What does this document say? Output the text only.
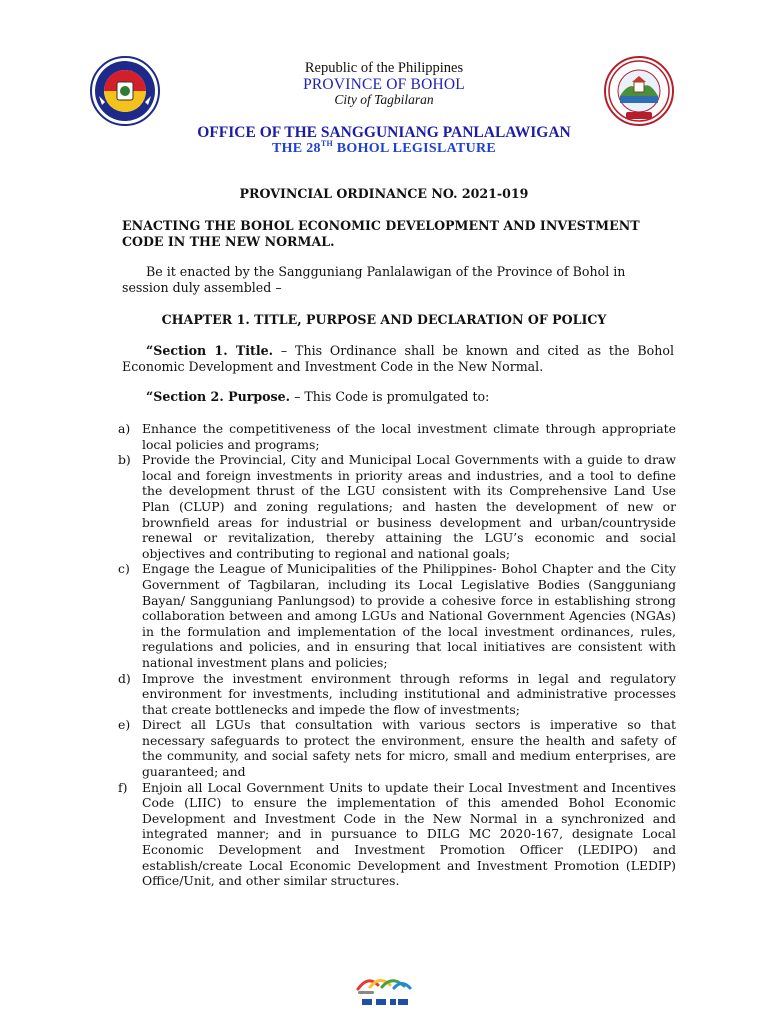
Republic of the Philippines
PROVINCE OF BOHOL
City of Tagbilaran
OFFICE OF THE SANGGUNIANG PANLALAWIGAN
THE 28TH BOHOL LEGISLATURE
PROVINCIAL ORDINANCE NO. 2021-019
ENACTING THE BOHOL ECONOMIC DEVELOPMENT AND INVESTMENT CODE IN THE NEW NORMAL.
Be it enacted by the Sangguniang Panlalawigan of the Province of Bohol in session duly assembled –
CHAPTER 1. TITLE, PURPOSE AND DECLARATION OF POLICY
“Section 1. Title. – This Ordinance shall be known and cited as the Bohol Economic Development and Investment Code in the New Normal.
“Section 2. Purpose. – This Code is promulgated to:
a) Enhance the competitiveness of the local investment climate through appropriate local policies and programs;
b) Provide the Provincial, City and Municipal Local Governments with a guide to draw local and foreign investments in priority areas and industries, and a tool to define the development thrust of the LGU consistent with its Comprehensive Land Use Plan (CLUP) and zoning regulations; and hasten the development of new or brownfield areas for industrial or business development and urban/countryside renewal or revitalization, thereby attaining the LGU’s economic and social objectives and contributing to regional and national goals;
c) Engage the League of Municipalities of the Philippines- Bohol Chapter and the City Government of Tagbilaran, including its Local Legislative Bodies (Sangguniang Bayan/ Sangguniang Panlungsod) to provide a cohesive force in establishing strong collaboration between and among LGUs and National Government Agencies (NGAs) in the formulation and implementation of the local investment ordinances, rules, regulations and policies, and in ensuring that local initiatives are consistent with national investment plans and policies;
d) Improve the investment environment through reforms in legal and regulatory environment for investments, including institutional and administrative processes that create bottlenecks and impede the flow of investments;
e) Direct all LGUs that consultation with various sectors is imperative so that necessary safeguards to protect the environment, ensure the health and safety of the community, and social safety nets for micro, small and medium enterprises, are guaranteed; and
f) Enjoin all Local Government Units to update their Local Investment and Incentives Code (LIIC) to ensure the implementation of this amended Bohol Economic Development and Investment Code in the New Normal in a synchronized and integrated manner; and in pursuance to DILG MC 2020-167, designate Local Economic Development and Investment Promotion Officer (LEDIPO) and establish/create Local Economic Development and Investment Promotion (LEDIP) Office/Unit, and other similar structures.
